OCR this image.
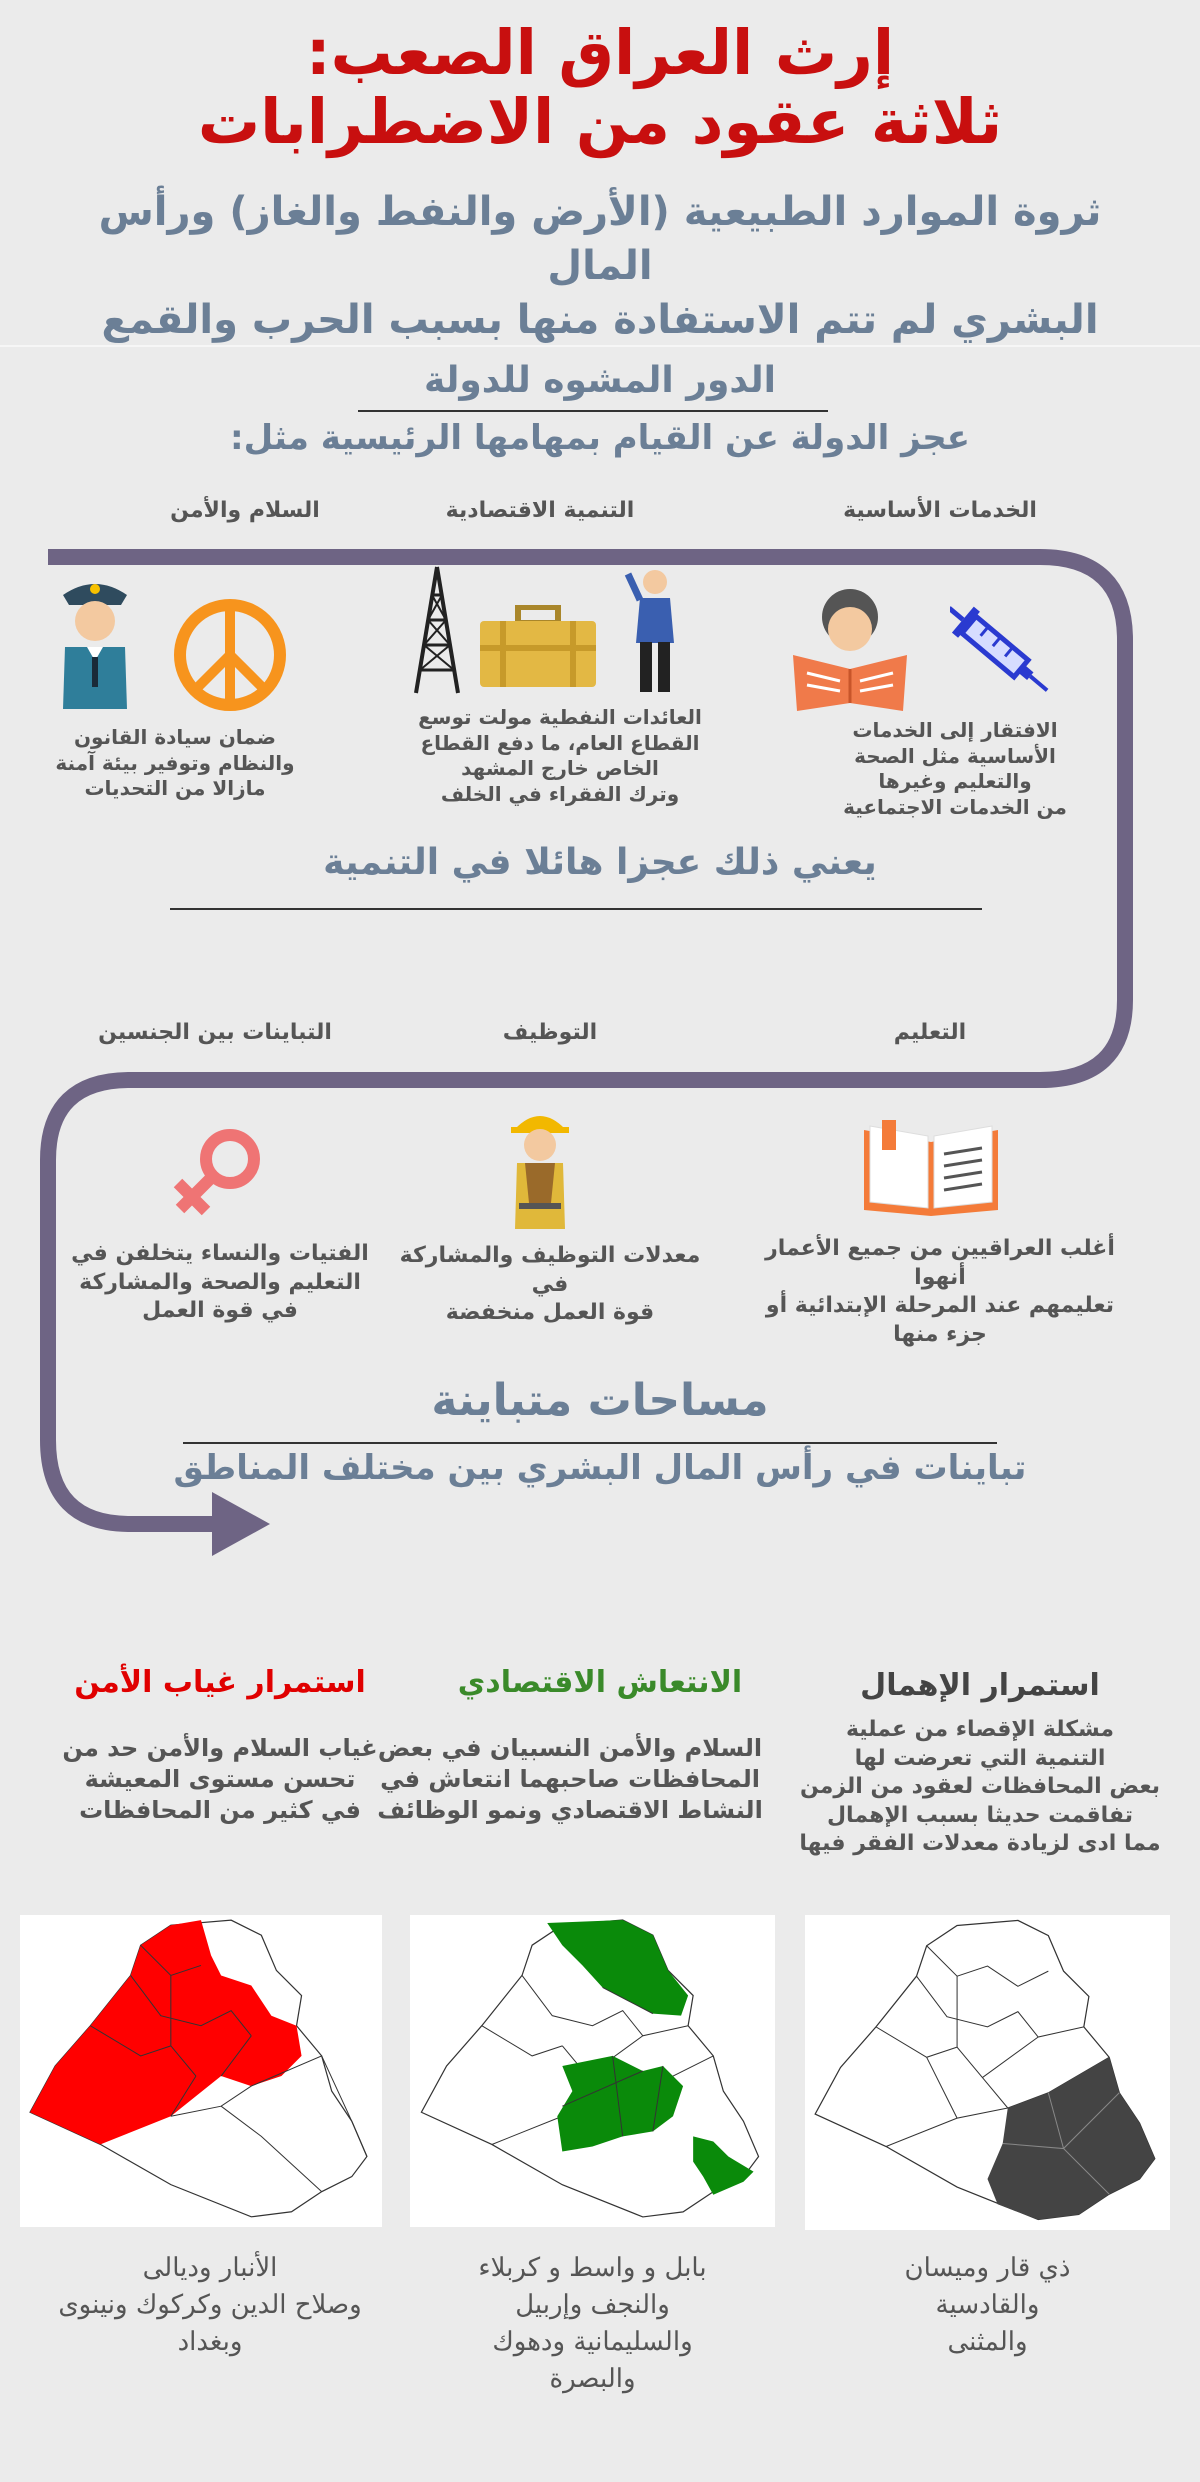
إرث العراق الصعب:
ثلاثة عقود من الاضطرابات
ثروة الموارد الطبيعية (الأرض والنفط والغاز) ورأس المال
البشري لم تتم الاستفادة منها بسبب الحرب والقمع
الدور المشوه للدولة
عجز الدولة عن القيام بمهامها الرئيسية مثل:
الخدمات الأساسية
التنمية الاقتصادية
السلام والأمن
الافتقار إلى الخدمات
الأساسية مثل الصحة
والتعليم وغيرها
من الخدمات الاجتماعية
العائدات النفطية مولت توسع
القطاع العام، ما دفع القطاع
الخاص خارج المشهد
وترك الفقراء في الخلف
ضمان سيادة القانون
والنظام وتوفير بيئة آمنة
مازالا من التحديات
يعني ذلك عجزا هائلا في التنمية
التعليم
التوظيف
التباينات بين الجنسين
أغلب العراقيين من جميع الأعمار أنهوا
تعليمهم عند المرحلة الإبتدائية أو
جزء منها
معدلات التوظيف والمشاركة في
قوة العمل منخفضة
الفتيات والنساء يتخلفن في
التعليم والصحة والمشاركة
في قوة العمل
مساحات متباينة
تباينات في رأس المال البشري بين مختلف المناطق
استمرار الإهمال
الانتعاش الاقتصادي
استمرار غياب الأمن
مشكلة الإقصاء من عملية
التنمية التي تعرضت لها
بعض المحافظات لعقود من الزمن
تفاقمت حديثا بسبب الإهمال
مما ادى لزيادة معدلات الفقر فيها
السلام والأمن النسبيان في بعض
المحافظات صاحبهما انتعاش في
النشاط الاقتصادي ونمو الوظائف
غياب السلام والأمن حد من
تحسن مستوى المعيشة
في كثير من المحافظات
ذي قار وميسان
والقادسية
والمثنى
بابل و واسط و كربلاء
والنجف وإربيل
والسليمانية ودهوك
والبصرة
الأنبار وديالى
وصلاح الدين وكركوك ونينوى
وبغداد
